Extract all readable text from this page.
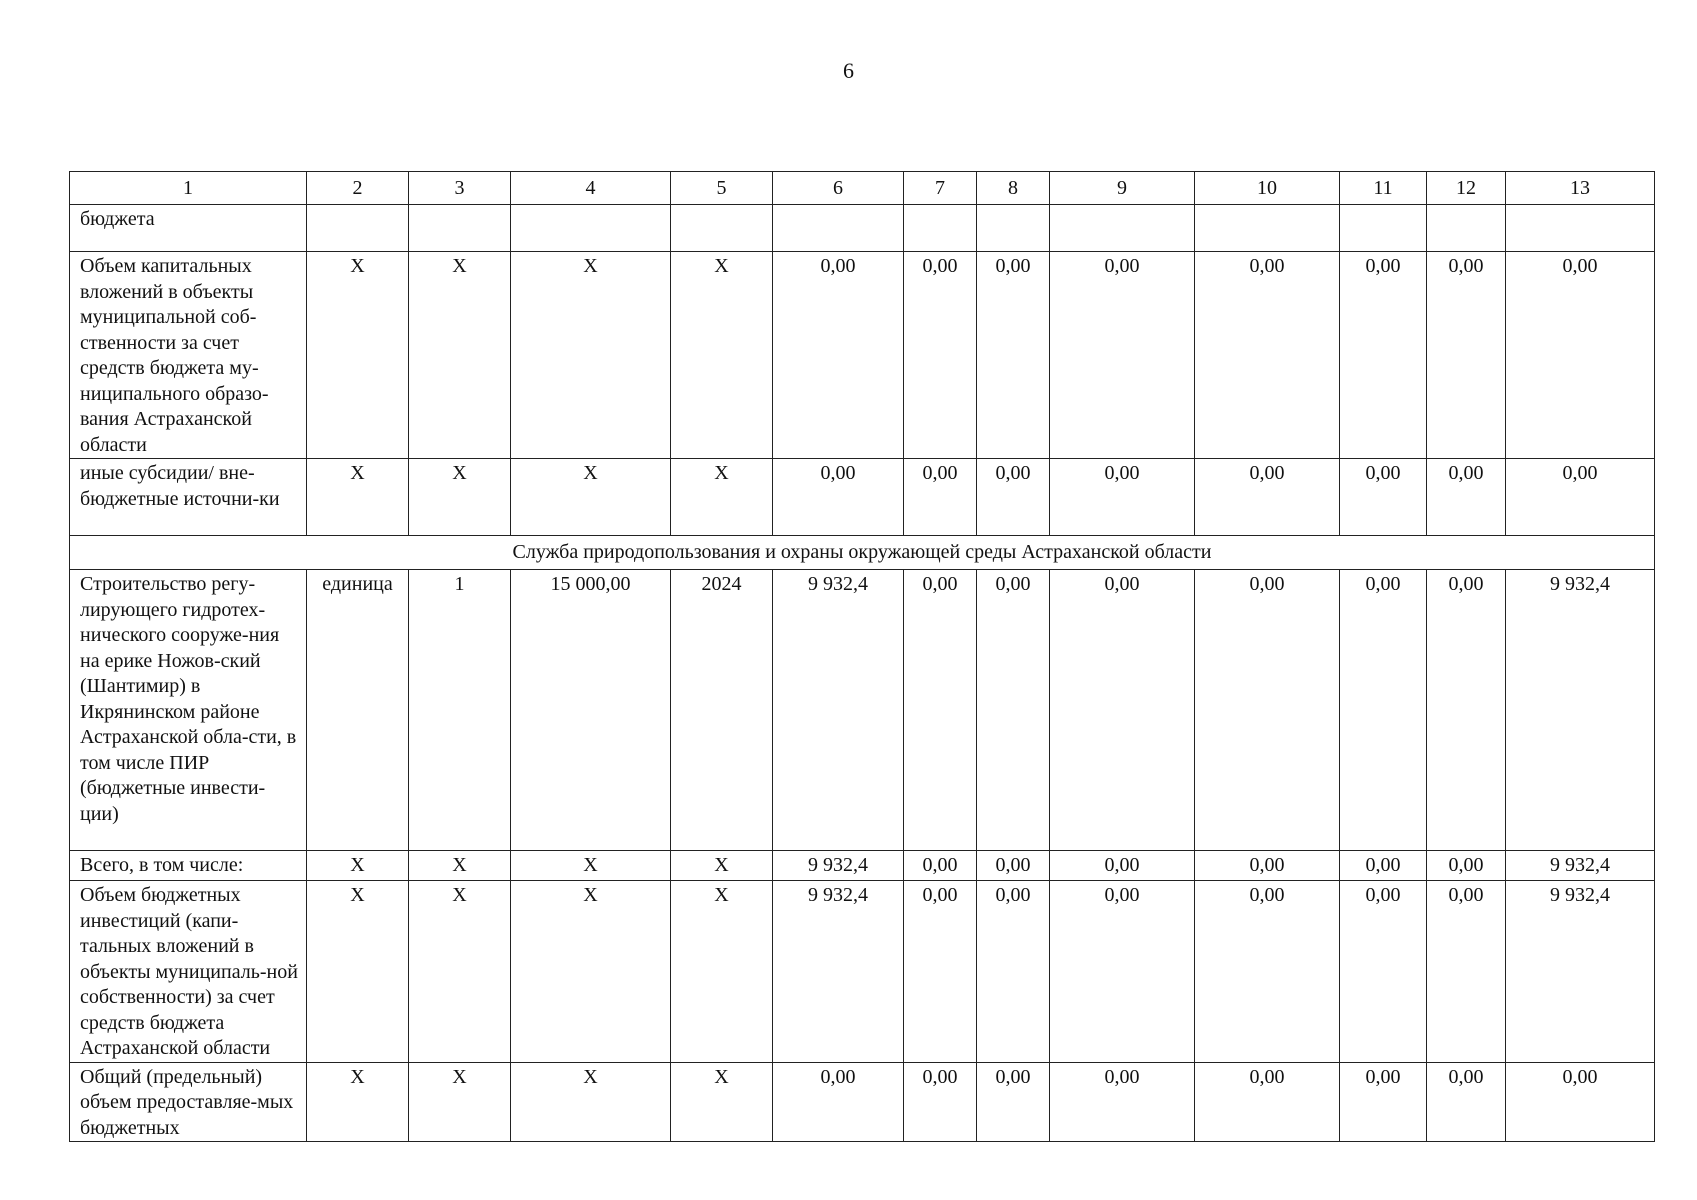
6
1	2	3	4	5	6	7	8	9	10	11	12	13

бюджета												

Объем капитальных вложений в объекты муниципальной соб-ственности за счет средств бюджета му-ниципального образо-вания Астраханской области	X	X	X	X	0,00	0,00	0,00	0,00	0,00	0,00	0,00	0,00

иные субсидии/ вне-бюджетные источни-ки	X	X	X	X	0,00	0,00	0,00	0,00	0,00	0,00	0,00	0,00

Служба природопользования и охраны окружающей среды Астраханской области												

Строительство регу-лирующего гидротех-нического сооруже-ния на ерике Ножов-ский (Шантимир) в Икрянинском районе Астраханской обла-сти, в том числе ПИР (бюджетные инвести-ции)	единица	1	15 000,00	2024	9 932,4	0,00	0,00	0,00	0,00	0,00	0,00	9 932,4

Всего, в том числе:	X	X	X	X	9 932,4	0,00	0,00	0,00	0,00	0,00	0,00	9 932,4

Объем бюджетных инвестиций (капи-тальных вложений в объекты муниципаль-ной собственности) за счет средств бюджета Астраханской области	X	X	X	X	9 932,4	0,00	0,00	0,00	0,00	0,00	0,00	9 932,4

Общий (предельный) объем предоставляе-мых бюджетных	X	X	X	X	0,00	0,00	0,00	0,00	0,00	0,00	0,00	0,00
